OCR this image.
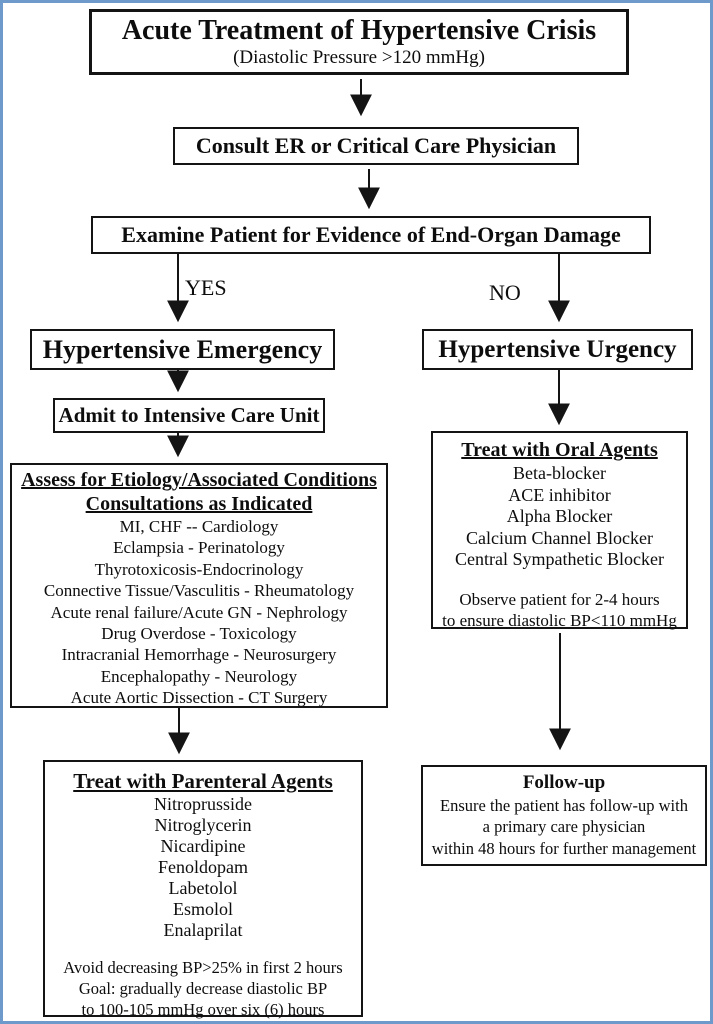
Acute Treatment of Hypertensive Crisis
(Diastolic Pressure >120 mmHg)
Consult ER or Critical Care Physician
Examine Patient for Evidence of End-Organ Damage
YES	NO
Hypertensive Emergency	Hypertensive Urgency
Admit to Intensive Care Unit
Assess for Etiology/Associated Conditions
Consultations as Indicated
MI, CHF -- Cardiology
Eclampsia - Perinatology
Thyrotoxicosis-Endocrinology
Connective Tissue/Vasculitis - Rheumatology
Acute renal failure/Acute GN - Nephrology
Drug Overdose - Toxicology
Intracranial Hemorrhage - Neurosurgery
Encephalopathy - Neurology
Acute Aortic Dissection - CT Surgery
Treat with Parenteral Agents
Nitroprusside
Nitroglycerin
Nicardipine
Fenoldopam
Labetolol
Esmolol
Enalaprilat
Avoid decreasing BP>25% in first 2 hours
Goal: gradually decrease diastolic BP
to 100-105 mmHg over six (6) hours
Treat with Oral Agents
Beta-blocker
ACE inhibitor
Alpha Blocker
Calcium Channel Blocker
Central Sympathetic Blocker
Observe patient for 2-4 hours
to ensure diastolic BP<110 mmHg
Follow-up
Ensure the patient has follow-up with
a primary care physician
within 48 hours for further management
